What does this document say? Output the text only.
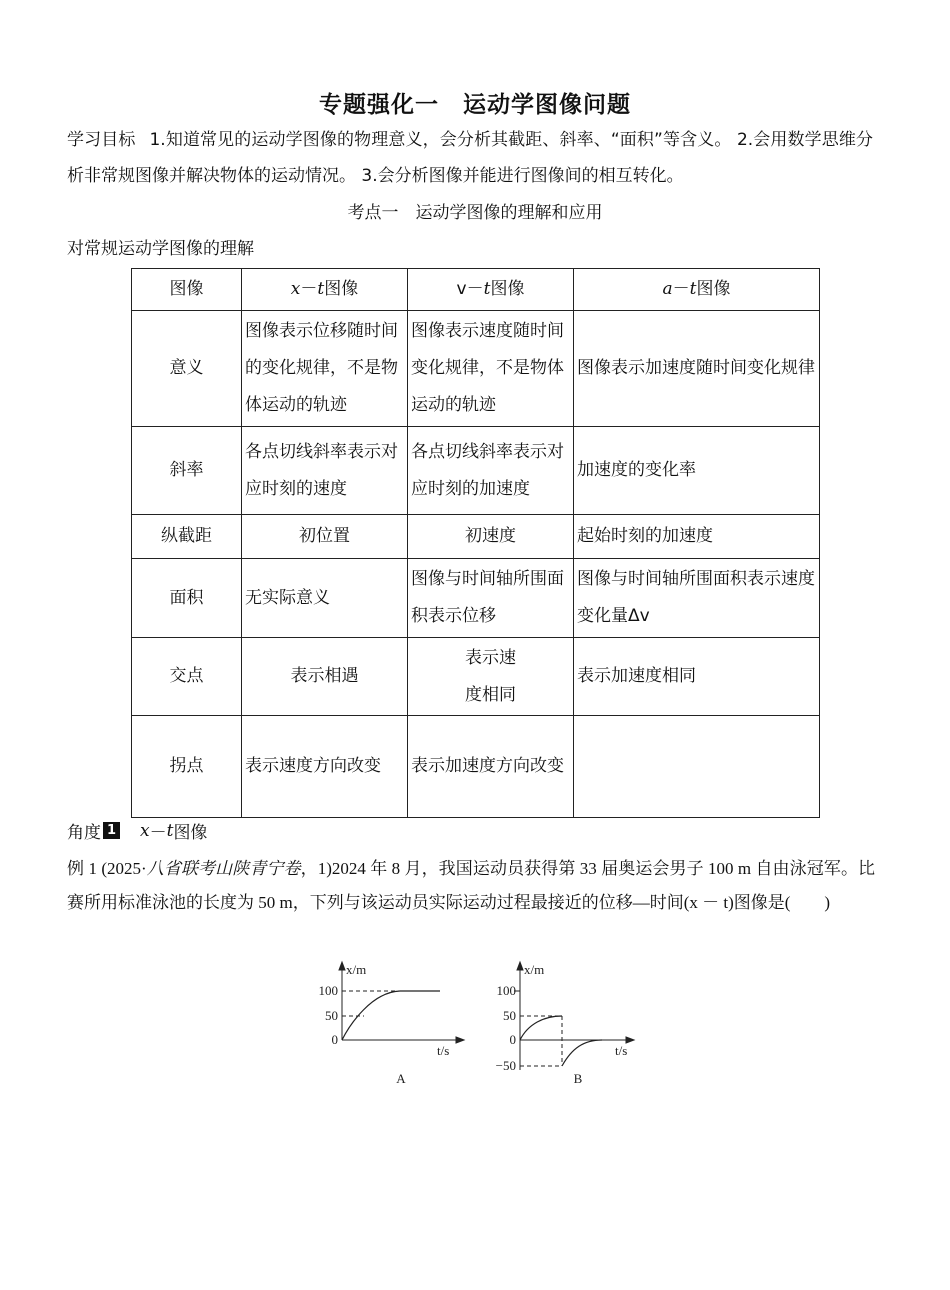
专题强化一　运动学图像问题
学习目标 1.知道常见的运动学图像的物理意义，会分析其截距、斜率、“面积”等含义。 2.会用数学思维分析非常规图像并解决物体的运动情况。 3.会分析图像并能进行图像间的相互转化。
考点一　运动学图像的理解和应用
对常规运动学图像的理解
图像	x－t图像	v－t图像	a－t图像
意义	图像表示位移随时间的变化规律，不是物体运动的轨迹	图像表示速度随时间变化规律，不是物体运动的轨迹	图像表示加速度随时间变化规律
斜率	各点切线斜率表示对应时刻的速度	各点切线斜率表示对应时刻的加速度	加速度的变化率
纵截距	初位置	初速度	起始时刻的加速度
面积	无实际意义	图像与时间轴所围面积表示位移	图像与时间轴所围面积表示速度变化量Δv
交点	表示相遇	表示速度相同	表示加速度相同
拐点	表示速度方向改变	表示加速度方向改变	
角度 1 x － t 图像
例 1 (2025·八省联考山陕青宁卷，1)2024 年 8 月，我国运动员获得第 33 届奥运会男子 100 m 自由泳冠军。比赛所用标准泳池的长度为 50 m，下列与该运动员实际运动过程最接近的位移—时间(x － t)图像是(　　)
x/m
t/s
100
50
0
A
x/m
t/s
100
50
0
−50
B
